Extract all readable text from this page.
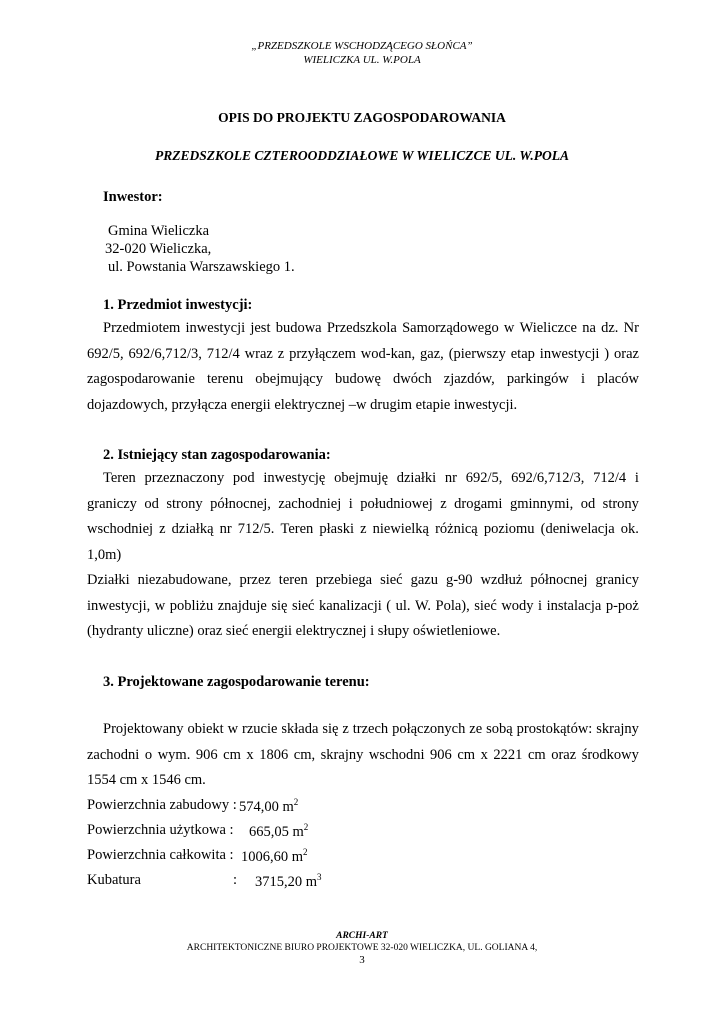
„PRZEDSZKOLE WSCHODZĄCEGO SŁOŃCA”
WIELICZKA UL. W.POLA
OPIS DO PROJEKTU ZAGOSPODAROWANIA
PRZEDSZKOLE CZTEROODDZIAŁOWE W WIELICZCE UL. W.POLA
Inwestor:
Gmina Wieliczka
32-020 Wieliczka,
ul. Powstania Warszawskiego 1.
1. Przedmiot inwestycji:
Przedmiotem inwestycji jest budowa Przedszkola Samorządowego w Wieliczce na dz. Nr
692/5, 692/6,712/3, 712/4 wraz z przyłączem wod-kan, gaz, (pierwszy etap inwestycji ) oraz
zagospodarowanie terenu obejmujący budowę dwóch zjazdów, parkingów i placów
dojazdowych, przyłącza energii elektrycznej –w drugim etapie inwestycji.
2. Istniejący stan zagospodarowania:
Teren przeznaczony pod inwestycję obejmuję działki nr 692/5, 692/6,712/3, 712/4 i
graniczy od strony północnej, zachodniej i południowej z drogami gminnymi, od strony
wschodniej z działką nr 712/5. Teren płaski z niewielką różnicą poziomu (deniwelacja ok.
1,0m)
Działki niezabudowane, przez teren przebiega sieć gazu g-90 wzdłuż północnej granicy
inwestycji, w pobliżu znajduje się sieć kanalizacji ( ul. W. Pola), sieć wody i instalacja p-poż
(hydranty uliczne) oraz sieć energii elektrycznej i słupy oświetleniowe.
3. Projektowane zagospodarowanie terenu:
Projektowany obiekt w rzucie składa się z trzech połączonych ze sobą prostokątów: skrajny
zachodni o wym. 906 cm x 1806 cm, skrajny wschodni 906 cm x 2221 cm oraz środkowy
1554 cm x 1546 cm.
Powierzchnia zabudowy : 574,00 $m^2$
Powierzchnia użytkowa : 665,05 $m^2$
Powierzchnia całkowita : 1006,60 $m^2$
Kubatura	: 3715,20 $m^3$
ARCHI-ART
ARCHITEKTONICZNE BIURO PROJEKTOWE 32-020 WIELICZKA, UL. GOLIANA 4,
3
